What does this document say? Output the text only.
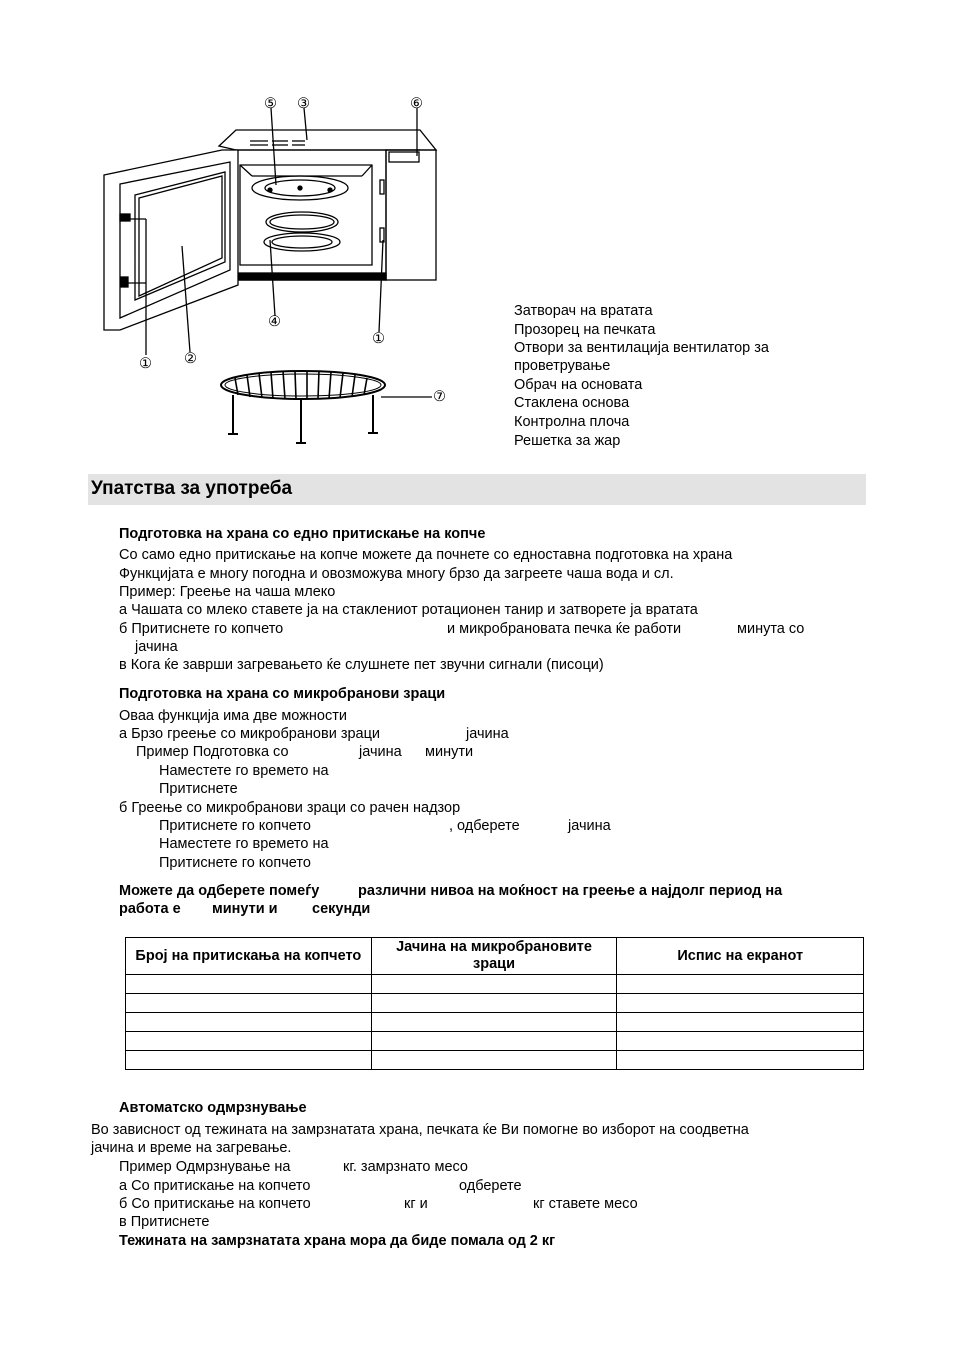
⑤ ③	⑥
① ②
④
①
⑦
Затворач на вратата
Прозорец на печката
Отвори за вентилација вентилатор за
проветрување
Обрач на основата
Стаклена основа
Контролна плоча
Решетка за жар
Упатства за употреба
Подготовка на храна со едно притискање на копче
Со само едно притискање на копче можете да почнете со едноставна подготовка на храна
Функцијата е многу погодна и овозможува многу брзо да загреете чаша вода и сл.
Пример: Греење на чаша млеко
а Чашата со млеко ставете ја на стаклениот ротационен танир и затворете ја вратата
б Притиснете го копчето	и микробрановата печка ќе работи	минута со
јачина
в Кога ќе заврши загревањето ќе слушнете пет звучни сигнали (писоци)
Подготовка на храна со микробранови зраци
Оваа функција има две можности
а Брзо греење со микробранови зраци	јачина
Пример Подготовка со	јачина минути
Наместете го времето на
Притиснете
б Греење со микробранови зраци со рачен надзор
Притиснете го копчето	, одберете	јачина
Наместете го времето на
Притиснете го копчето
Можете да одберете помеѓу	различни нивоа на моќност на греење а најдолг период на
работа е минути и секунди
Број на притискања на копчето	Јачина на микробрановите зраци	Испис на екранот

Автоматско одмрзнување
Во зависност од тежината на замрзнатата храна, печката ќе Ви помогне во изборот на соодветна
јачина и време на загревање.
Пример Одмрзнување на	кг. замрзнато месо
а Со притискање на копчето	одберете
б Со притискање на копчето	кг и	кг ставете месо
в Притиснете
Тежината на замрзнатата храна мора да биде помала од 2 кг
